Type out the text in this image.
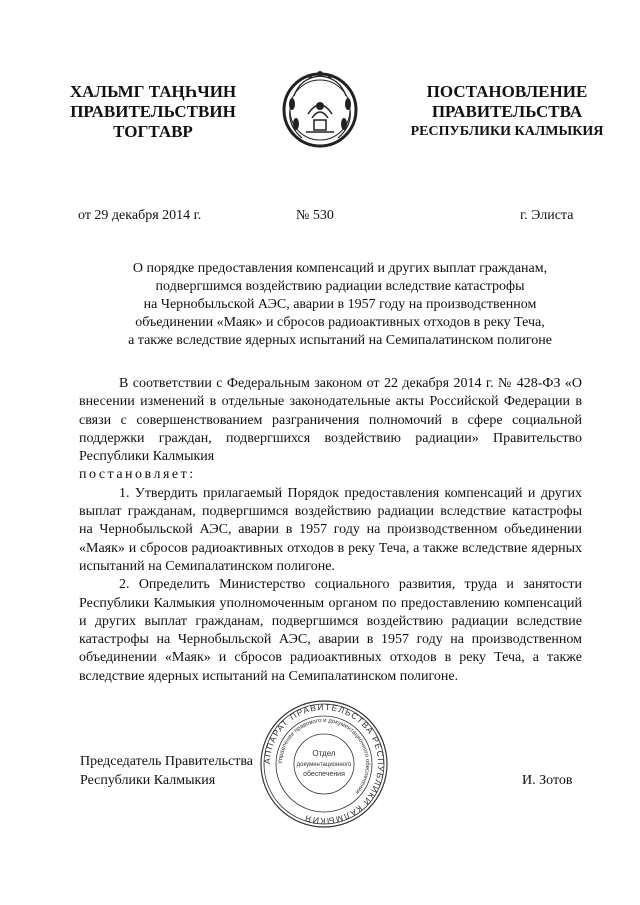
ХАЛЬМГ ТАҢҺЧИН
ПРАВИТЕЛЬСТВИН
ТОГТАВР
ПОСТАНОВЛЕНИЕ
ПРАВИТЕЛЬСТВА
РЕСПУБЛИКИ КАЛМЫКИЯ
от 29 декабря 2014 г.	№ 530	г. Элиста
О порядке предоставления компенсаций и других выплат гражданам,
подвергшимся воздействию радиации вследствие катастрофы
на Чернобыльской АЭС, аварии в 1957 году на производственном
объединении «Маяк» и сбросов радиоактивных отходов в реку Теча,
а также вследствие ядерных испытаний на Семипалатинском полигоне

В соответствии с Федеральным законом от 22 декабря 2014 г. № 428-ФЗ «О внесении изменений в отдельные законодательные акты Российской Федерации в связи с совершенствованием разграничения полномочий в сфере социальной поддержки граждан, подвергшихся воздействию радиации» Правительство Республики Калмыкия

постановляет:

1. Утвердить прилагаемый Порядок предоставления компенсаций и других выплат гражданам, подвергшимся воздействию радиации вследствие катастрофы на Чернобыльской АЭС, аварии в 1957 году на производственном объединении «Маяк» и сбросов радиоактивных отходов в реку Теча, а также вследствие ядерных испытаний на Семипалатинском полигоне.

2. Определить Министерство социального развития, труда и занятости Республики Калмыкия уполномоченным органом по предоставлению компенсаций и других выплат гражданам, подвергшимся воздействию радиации вследствие катастрофы на Чернобыльской АЭС, аварии в 1957 году на производственном объединении «Маяк» и сбросов радиоактивных отходов в реку Теча, а также вследствие ядерных испытаний на Семипалатинском полигоне.

Председатель Правительства
Республики Калмыкия	И. Зотов
АППАРАТ ПРАВИТЕЛЬСТВА РЕСПУБЛИКИ КАЛМЫКИЯ
Управление правового и документационного обеспечения
Отдел
документационного
обеспечения
